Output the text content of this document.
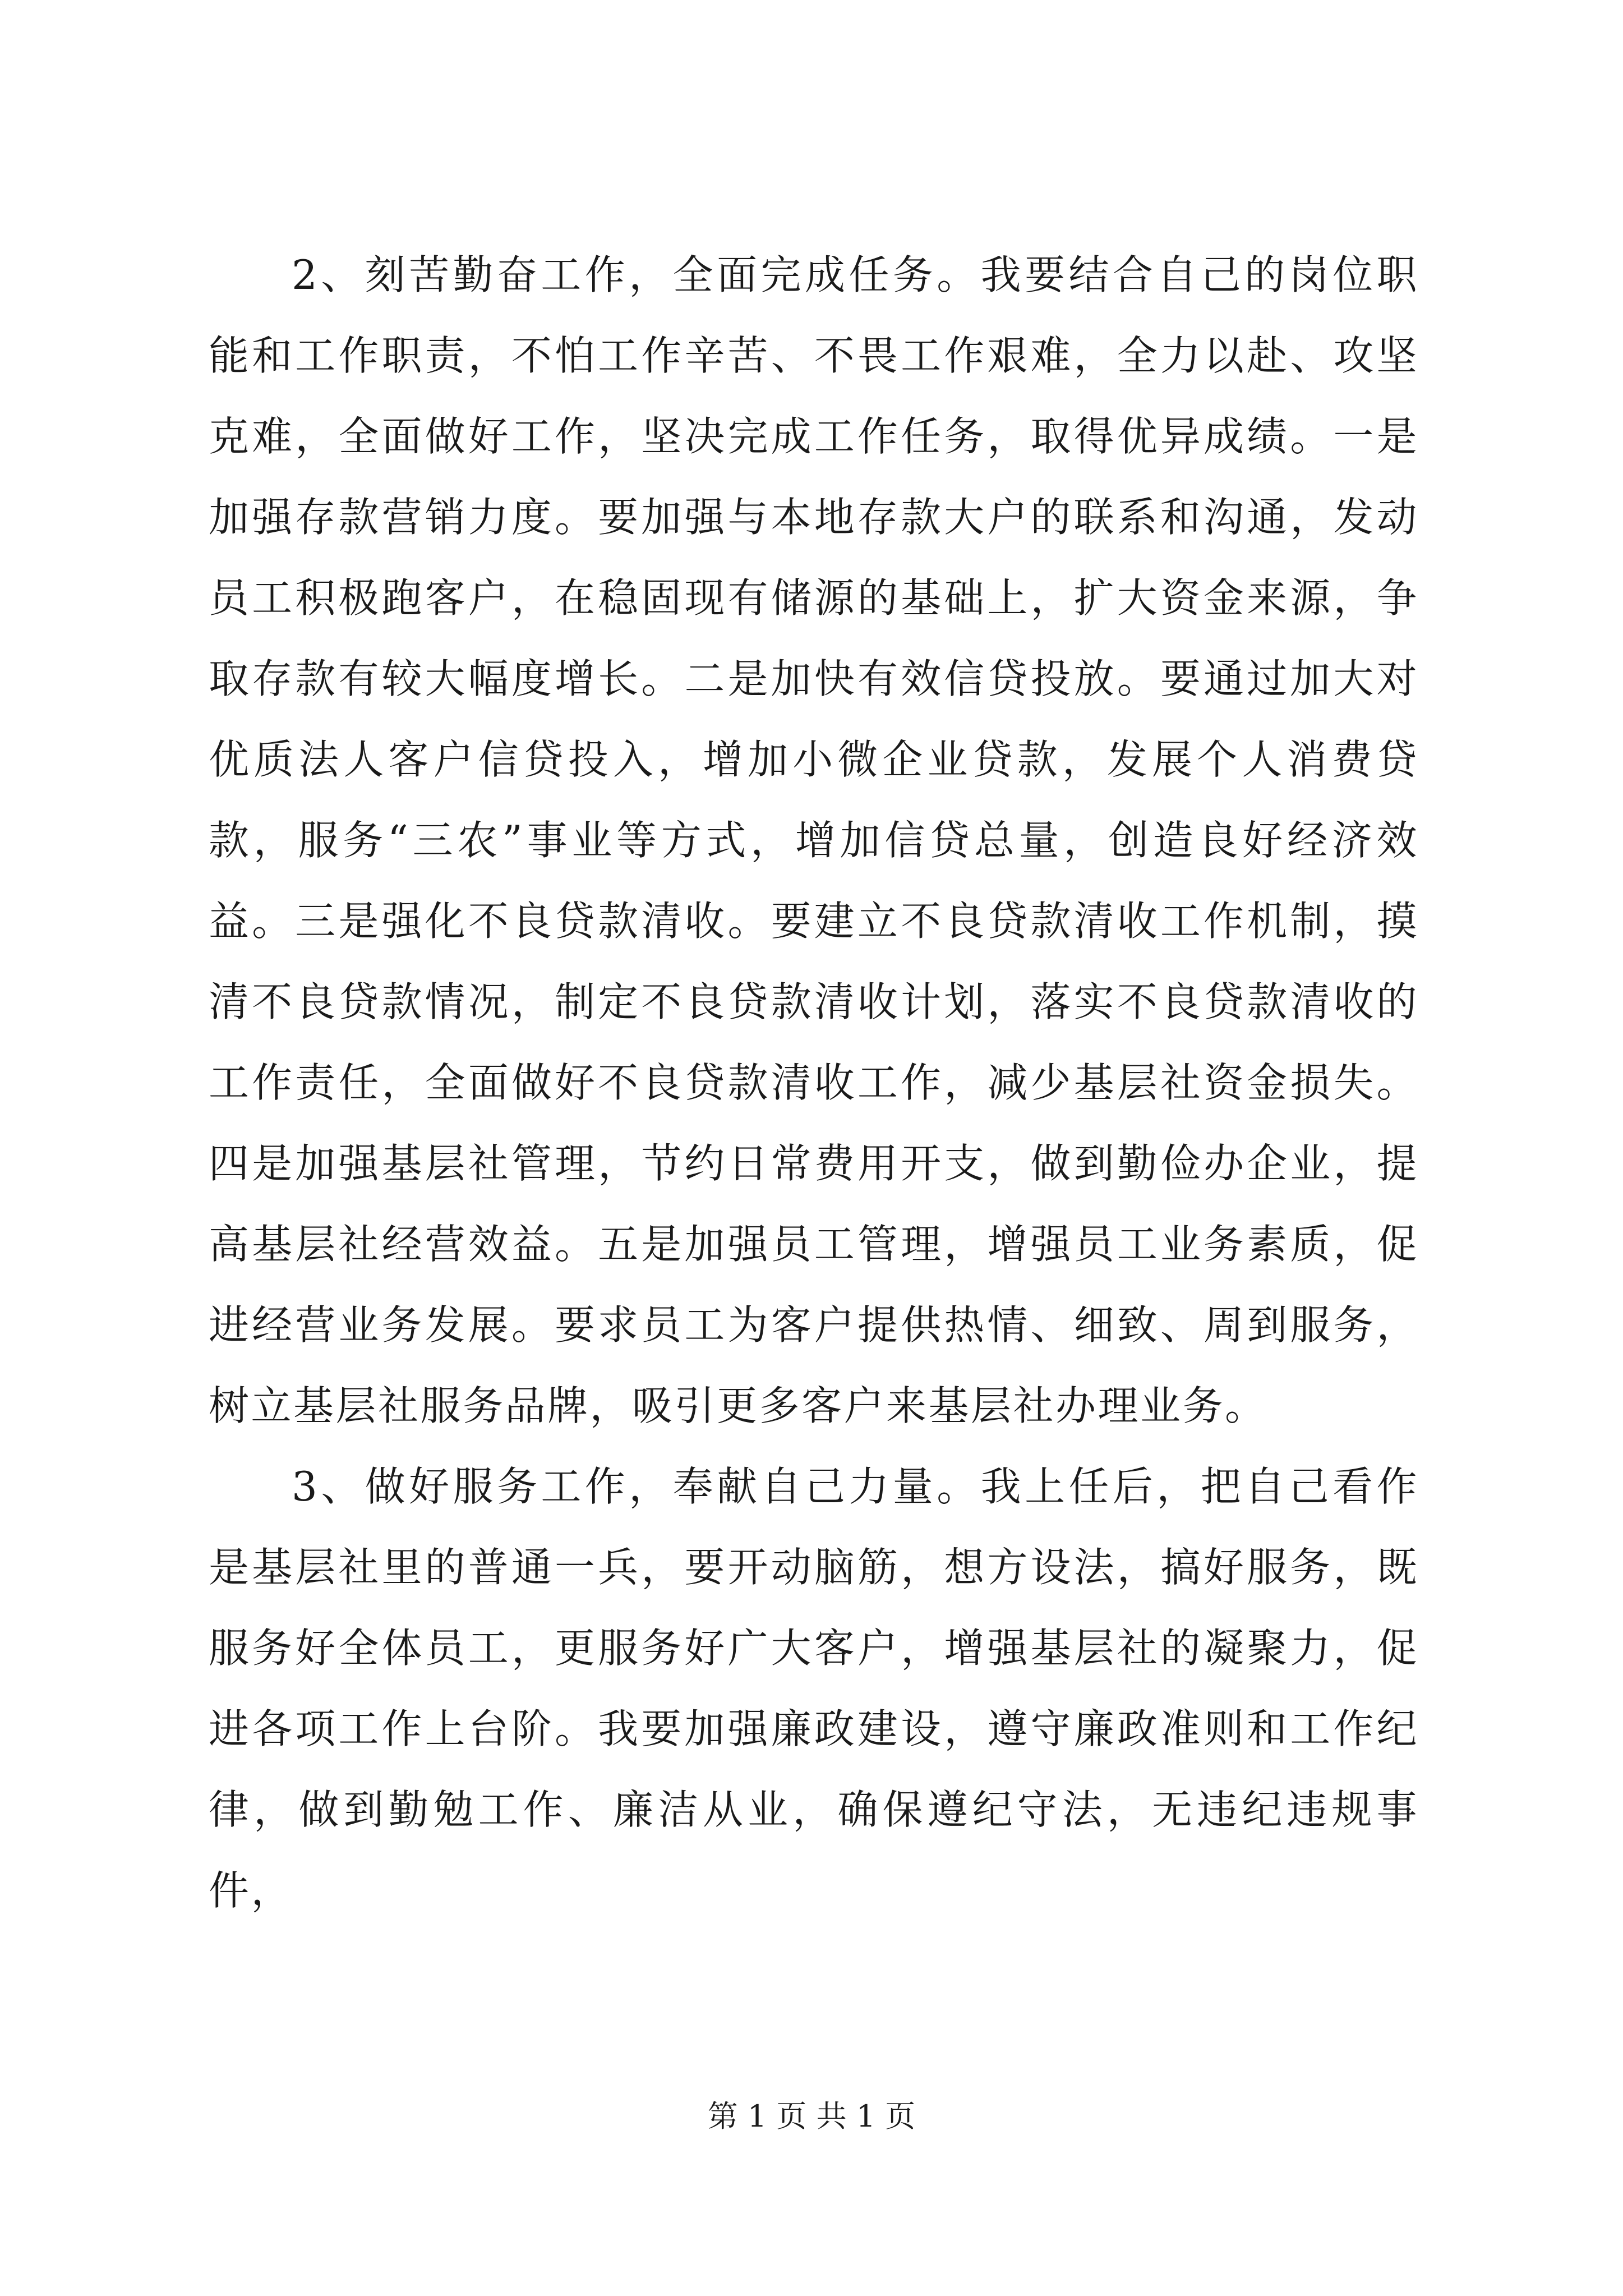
2、刻苦勤奋工作，全面完成任务。我要结合自己的岗位职能和工作职责，不怕工作辛苦、不畏工作艰难，全力以赴、攻坚克难，全面做好工作，坚决完成工作任务，取得优异成绩。一是加强存款营销力度。要加强与本地存款大户的联系和沟通，发动员工积极跑客户，在稳固现有储源的基础上，扩大资金来源，争取存款有较大幅度增长。二是加快有效信贷投放。要通过加大对优质法人客户信贷投入，增加小微企业贷款，发展个人消费贷款，服务“三农”事业等方式，增加信贷总量，创造良好经济效益。三是强化不良贷款清收。要建立不良贷款清收工作机制，摸清不良贷款情况，制定不良贷款清收计划，落实不良贷款清收的工作责任，全面做好不良贷款清收工作，减少基层社资金损失。四是加强基层社管理，节约日常费用开支，做到勤俭办企业，提高基层社经营效益。五是加强员工管理，增强员工业务素质，促进经营业务发展。要求员工为客户提供热情、细致、周到服务，树立基层社服务品牌，吸引更多客户来基层社办理业务。

3、做好服务工作，奉献自己力量。我上任后，把自己看作是基层社里的普通一兵，要开动脑筋，想方设法，搞好服务，既服务好全体员工，更服务好广大客户，增强基层社的凝聚力，促进各项工作上台阶。我要加强廉政建设，遵守廉政准则和工作纪律，做到勤勉工作、廉洁从业，确保遵纪守法，无违纪违规事件，

第 1 页 共 1 页
